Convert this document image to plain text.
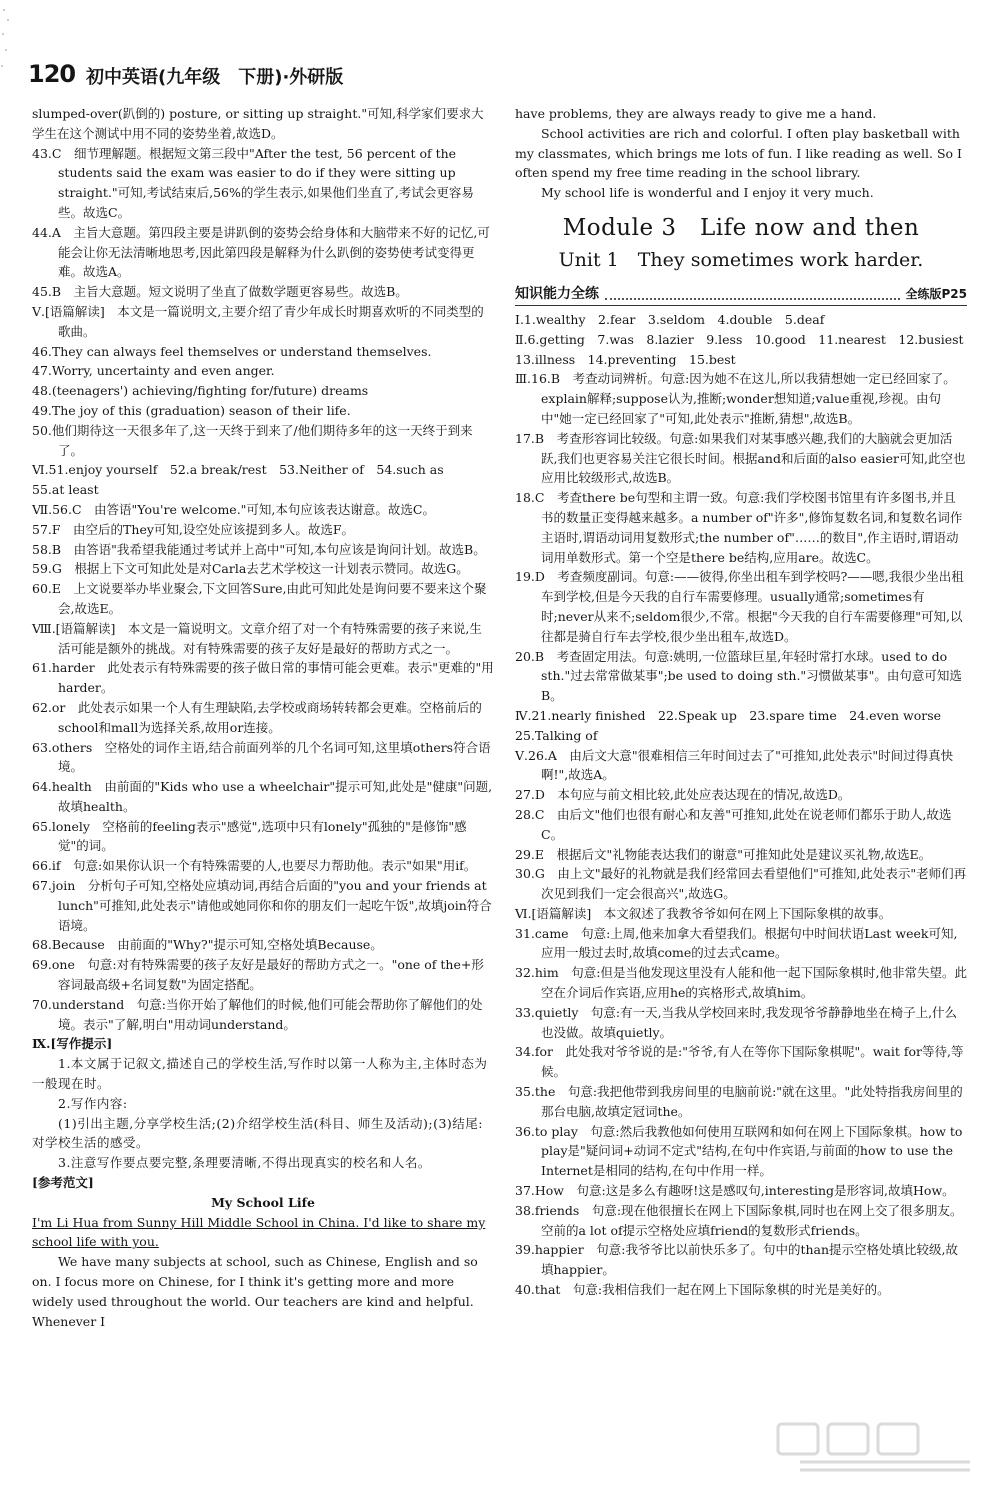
120 初中英语(九年级　下册)·外研版

slumped-over(趴倒的) posture, or sitting up straight."可知,科学家们要求大学生在这个测试中用不同的姿势坐着,故选D。

43.C　细节理解题。根据短文第三段中"After the test, 56 percent of the students said the exam was easier to do if they were sitting up straight."可知,考试结束后,56%的学生表示,如果他们坐直了,考试会更容易些。故选C。

44.A　主旨大意题。第四段主要是讲趴倒的姿势会给身体和大脑带来不好的记忆,可能会让你无法清晰地思考,因此第四段是解释为什么趴倒的姿势使考试变得更难。故选A。

45.B　主旨大意题。短文说明了坐直了做数学题更容易些。故选B。

Ⅴ.[语篇解读]　本文是一篇说明文,主要介绍了青少年成长时期喜欢听的不同类型的歌曲。

46.They can always feel themselves or understand themselves.

47.Worry, uncertainty and even anger.

48.(teenagers') achieving/fighting for/future) dreams

49.The joy of this (graduation) season of their life.

50.他们期待这一天很多年了,这一天终于到来了/他们期待多年的这一天终于到来了。

Ⅵ.51.enjoy yourself　52.a break/rest　53.Neither of　54.such as

55.at least

Ⅶ.56.C　由答语"You're welcome."可知,本句应该表达谢意。故选C。

57.F　由空后的They可知,设空处应该提到多人。故选F。

58.B　由答语"我希望我能通过考试并上高中"可知,本句应该是询问计划。故选B。

59.G　根据上下文可知此处是对Carla去艺术学校这一计划表示赞同。故选G。

60.E　上文说要举办毕业聚会,下文回答Sure,由此可知此处是询问要不要来这个聚会,故选E。

Ⅷ.[语篇解读]　本文是一篇说明文。文章介绍了对一个有特殊需要的孩子来说,生活可能是额外的挑战。对有特殊需要的孩子友好是最好的帮助方式之一。

61.harder　此处表示有特殊需要的孩子做日常的事情可能会更难。表示"更难的"用harder。

62.or　此处表示如果一个人有生理缺陷,去学校或商场转转都会更难。空格前后的school和mall为选择关系,故用or连接。

63.others　空格处的词作主语,结合前面列举的几个名词可知,这里填others符合语境。

64.health　由前面的"Kids who use a wheelchair"提示可知,此处是"健康"问题,故填health。

65.lonely　空格前的feeling表示"感觉",选项中只有lonely"孤独的"是修饰"感觉"的词。

66.if　句意:如果你认识一个有特殊需要的人,也要尽力帮助他。表示"如果"用if。

67.join　分析句子可知,空格处应填动词,再结合后面的"you and your friends at lunch"可推知,此处表示"请他或她同你和你的朋友们一起吃午饭",故填join符合语境。

68.Because　由前面的"Why?"提示可知,空格处填Because。

69.one　句意:对有特殊需要的孩子友好是最好的帮助方式之一。"one of the+形容词最高级+名词复数"为固定搭配。

70.understand　句意:当你开始了解他们的时候,他们可能会帮助你了解他们的处境。表示"了解,明白"用动词understand。

Ⅸ.[写作提示]

1.本文属于记叙文,描述自己的学校生活,写作时以第一人称为主,主体时态为一般现在时。

2.写作内容:

(1)引出主题,分享学校生活;(2)介绍学校生活(科目、师生及活动);(3)结尾:对学校生活的感受。

3.注意写作要点要完整,条理要清晰,不得出现真实的校名和人名。

[参考范文]

My School Life

I'm Li Hua from Sunny Hill Middle School in China. I'd like to share my school life with you.

We have many subjects at school, such as Chinese, English and so on. I focus more on Chinese, for I think it's getting more and more widely used throughout the world. Our teachers are kind and helpful. Whenever I

have problems, they are always ready to give me a hand.

School activities are rich and colorful. I often play basketball with my classmates, which brings me lots of fun. I like reading as well. So I often spend my free time reading in the school library.

My school life is wonderful and I enjoy it very much.

Module 3　Life now and then

Unit 1　They sometimes work harder.

知识能力全练	全练版P25

Ⅰ.1.wealthy　2.fear　3.seldom　4.double　5.deaf

Ⅱ.6.getting　7.was　8.lazier　9.less　10.good　11.nearest　12.busiest

13.illness　14.preventing　15.best

Ⅲ.16.B　考查动词辨析。句意:因为她不在这儿,所以我猜想她一定已经回家了。explain解释;suppose认为,推断;wonder想知道;value重视,珍视。由句中"她一定已经回家了"可知,此处表示"推断,猜想",故选B。

17.B　考查形容词比较级。句意:如果我们对某事感兴趣,我们的大脑就会更加活跃,我们也更容易关注它很长时间。根据and和后面的also easier可知,此空也应用比较级形式,故选B。

18.C　考查there be句型和主谓一致。句意:我们学校图书馆里有许多图书,并且书的数量正变得越来越多。a number of"许多",修饰复数名词,和复数名词作主语时,谓语动词用复数形式;the number of"……的数目",作主语时,谓语动词用单数形式。第一个空是there be结构,应用are。故选C。

19.D　考查频度副词。句意:——彼得,你坐出租车到学校吗?——嗯,我很少坐出租车到学校,但是今天我的自行车需要修理。usually通常;sometimes有时;never从来不;seldom很少,不常。根据"今天我的自行车需要修理"可知,以往都是骑自行车去学校,很少坐出租车,故选D。

20.B　考查固定用法。句意:姚明,一位篮球巨星,年轻时常打水球。used to do sth."过去常常做某事";be used to doing sth."习惯做某事"。由句意可知选B。

Ⅳ.21.nearly finished　22.Speak up　23.spare time　24.even worse

25.Talking of

Ⅴ.26.A　由后文大意"很难相信三年时间过去了"可推知,此处表示"时间过得真快啊!",故选A。

27.D　本句应与前文相比较,此处应表达现在的情况,故选D。

28.C　由后文"他们也很有耐心和友善"可推知,此处在说老师们都乐于助人,故选C。

29.E　根据后文"礼物能表达我们的谢意"可推知此处是建议买礼物,故选E。

30.G　由上文"最好的礼物就是我们经常回去看望他们"可推知,此处表示"老师们再次见到我们一定会很高兴",故选G。

Ⅵ.[语篇解读]　本文叙述了我教爷爷如何在网上下国际象棋的故事。

31.came　句意:上周,他来加拿大看望我们。根据句中时间状语Last week可知,应用一般过去时,故填come的过去式came。

32.him　句意:但是当他发现这里没有人能和他一起下国际象棋时,他非常失望。此空在介词后作宾语,应用he的宾格形式,故填him。

33.quietly　句意:有一天,当我从学校回来时,我发现爷爷静静地坐在椅子上,什么也没做。故填quietly。

34.for　此处我对爷爷说的是:"爷爷,有人在等你下国际象棋呢"。wait for等待,等候。

35.the　句意:我把他带到我房间里的电脑前说:"就在这里。"此处特指我房间里的那台电脑,故填定冠词the。

36.to play　句意:然后我教他如何使用互联网和如何在网上下国际象棋。how to play是"疑问词+动词不定式"结构,在句中作宾语,与前面的how to use the Internet是相同的结构,在句中作用一样。

37.How　句意:这是多么有趣呀!这是感叹句,interesting是形容词,故填How。

38.friends　句意:现在他很擅长在网上下国际象棋,同时也在网上交了很多朋友。空前的a lot of提示空格处应填friend的复数形式friends。

39.happier　句意:我爷爷比以前快乐多了。句中的than提示空格处填比较级,故填happier。

40.that　句意:我相信我们一起在网上下国际象棋的时光是美好的。
